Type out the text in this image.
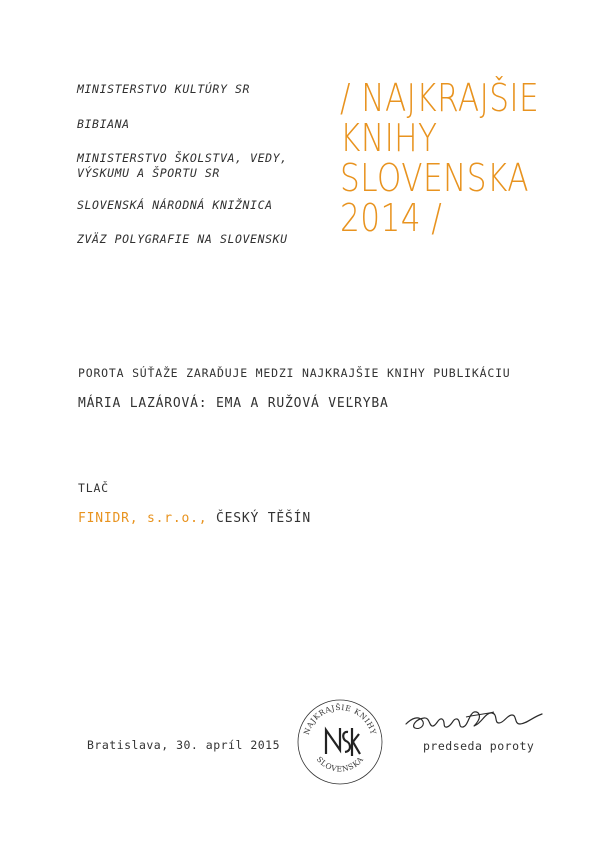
MINISTERSTVO KULTÚRY SR

BIBIANA

MINISTERSTVO ŠKOLSTVA, VEDY,

VÝSKUMU A ŠPORTU SR

SLOVENSKÁ NÁRODNÁ KNIŽNICA

ZVÄZ POLYGRAFIE NA SLOVENSKU

/ NAJKRAJŠIE
KNIHY
SLOVENSKA
2014 /
POROTA SÚŤAŽE ZARAĎUJE MEDZI NAJKRAJŠIE KNIHY PUBLIKÁCIU
MÁRIA LAZÁROVÁ: EMA A RUŽOVÁ VEĽRYBA
TLAČ
FINIDR, s.r.o., ČESKÝ TĚŠÍN
Bratislava, 30. apríl 2015
NAJKRAJŠIE KNIHY
SLOVENSKA
predseda poroty
